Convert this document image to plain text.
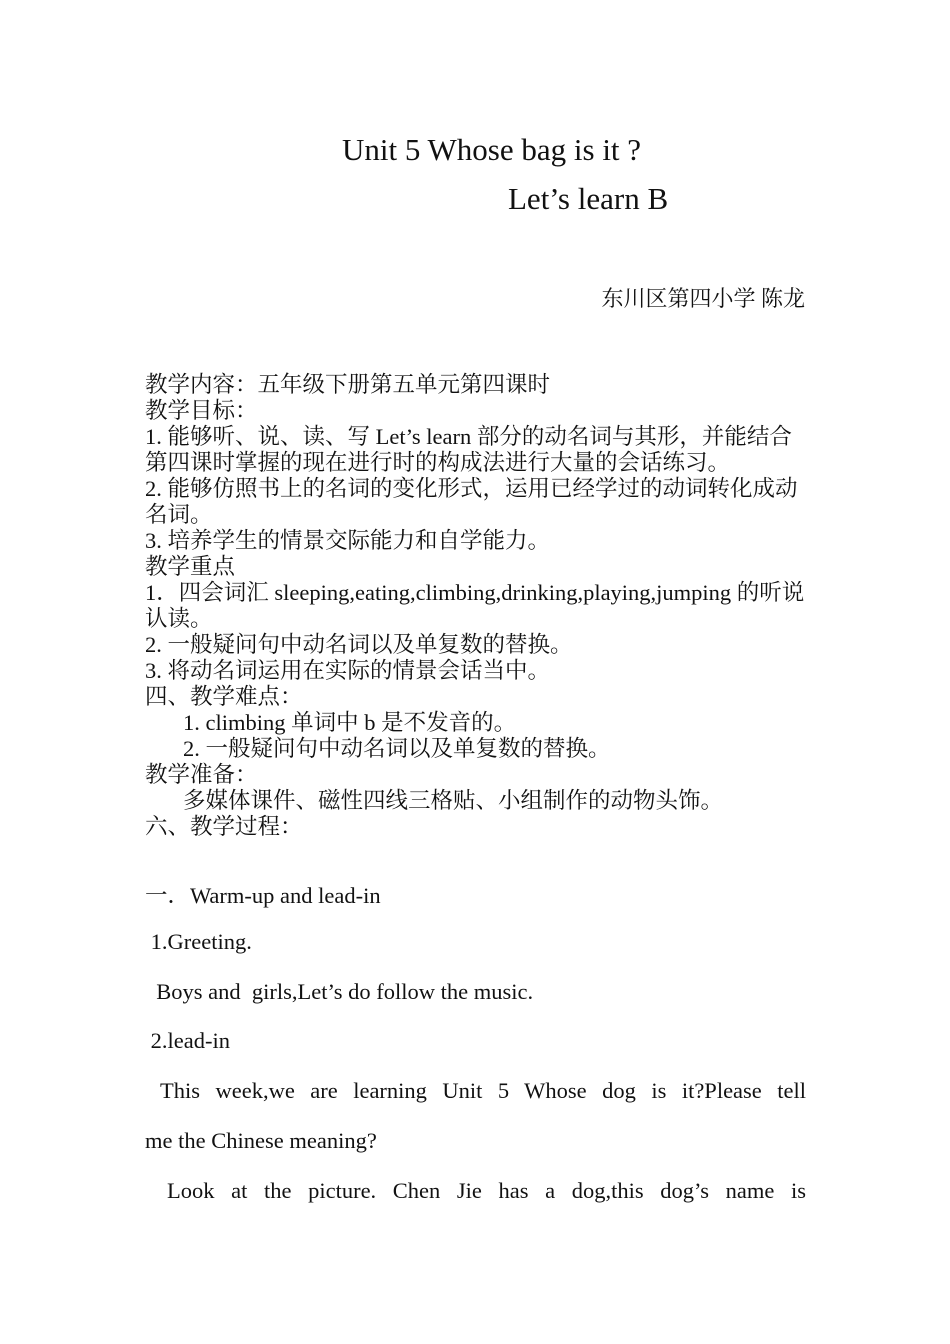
Unit 5 Whose bag is it ?
Let’s learn B
东川区第四小学 陈龙

教学内容：五年级下册第五单元第四课时

教学目标：

1. 能够听、说、读、写 Let’s learn 部分的动名词与其形，并能结合第四课时掌握的现在进行时的构成法进行大量的会话练习。

2. 能够仿照书上的名词的变化形式，运用已经学过的动词转化成动名词。

3. 培养学生的情景交际能力和自学能力。

教学重点

1．四会词汇 sleeping,eating,climbing,drinking,playing,jumping 的听说认读。

2. 一般疑问句中动名词以及单复数的替换。

3. 将动名词运用在实际的情景会话当中。

四、教学难点：

1. climbing 单词中 b 是不发音的。

2. 一般疑问句中动名词以及单复数的替换。

教学准备：

多媒体课件、磁性四线三格贴、小组制作的动物头饰。

六、教学过程：

一．Warm-up and lead-in
1.Greeting.
Boys and  girls,Let’s do follow the music.
2.lead-in
This week,we are learning Unit 5 Whose dog is it?Please tell
me the Chinese meaning?
Look at the picture. Chen Jie has a dog,this dog’s name is
